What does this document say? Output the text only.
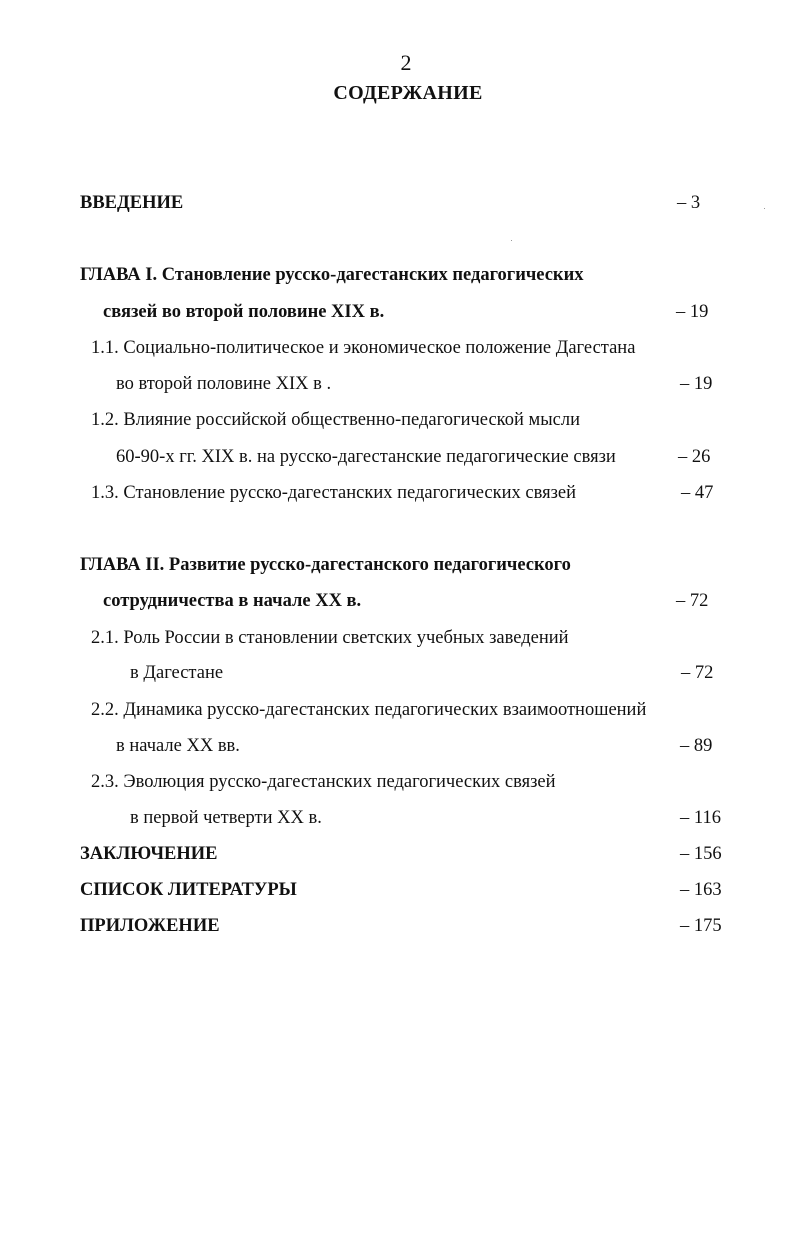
2
СОДЕРЖАНИЕ
ВВЕДЕНИЕ	– 3
ГЛАВА I. Становление русско-дагестанских педагогических
связей во второй половине XIX в.	– 19
1.1. Социально-политическое и экономическое положение Дагестана
во второй половине XIX в .	– 19
1.2. Влияние российской общественно-педагогической мысли
60-90-х гг. XIX в. на русско-дагестанские педагогические связи	– 26
1.3. Становление русско-дагестанских педагогических связей	– 47
ГЛАВА II. Развитие русско-дагестанского педагогического
сотрудничества в начале XX в.	– 72
2.1. Роль России в становлении светских учебных заведений
в Дагестане	– 72
2.2. Динамика русско-дагестанских педагогических взаимоотношений
в начале XX вв.	– 89
2.3. Эволюция русско-дагестанских педагогических связей
в первой четверти XX в.	– 116
ЗАКЛЮЧЕНИЕ	– 156
СПИСОК ЛИТЕРАТУРЫ	– 163
ПРИЛОЖЕНИЕ	– 175
